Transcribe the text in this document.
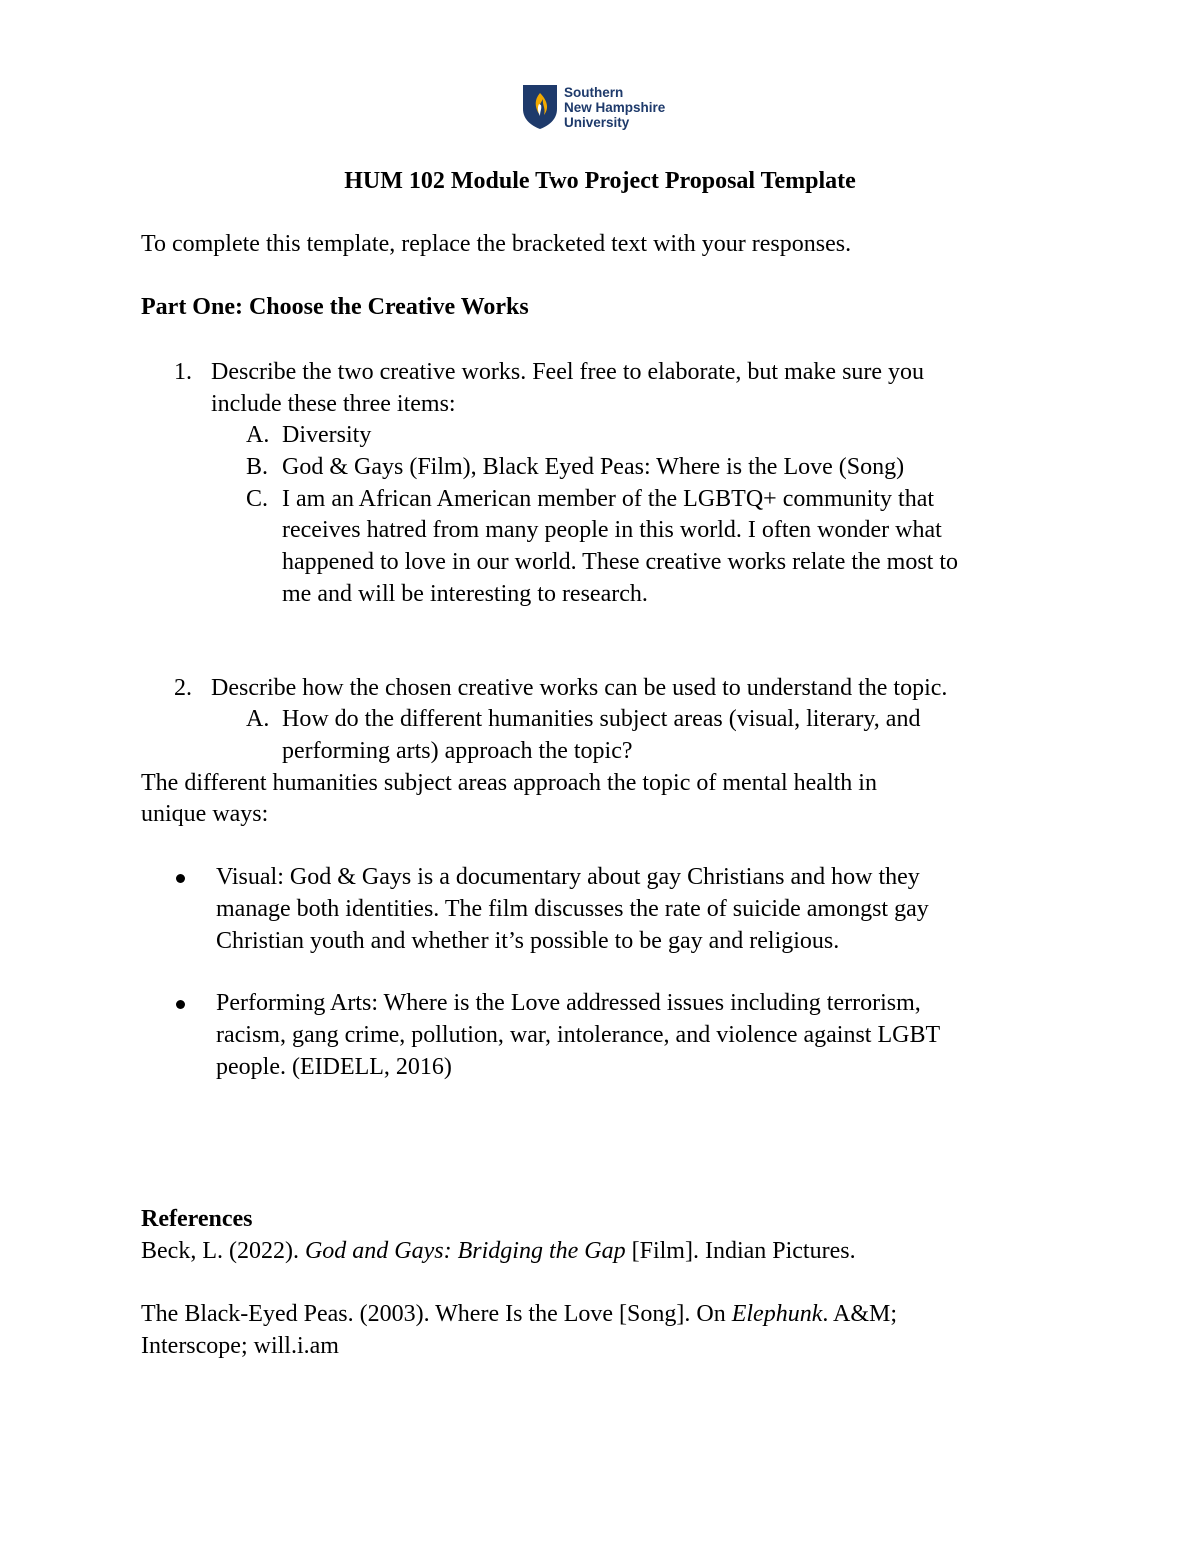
Southern
New Hampshire
University
HUM 102 Module Two Project Proposal Template
To complete this template, replace the bracketed text with your responses.
Part One: Choose the Creative Works
1. Describe the two creative works. Feel free to elaborate, but make sure you
include these three items:
A. Diversity
B. God & Gays (Film), Black Eyed Peas: Where is the Love (Song)
C. I am an African American member of the LGBTQ+ community that
receives hatred from many people in this world. I often wonder what
happened to love in our world. These creative works relate the most to
me and will be interesting to research.
2. Describe how the chosen creative works can be used to understand the topic.
A. How do the different humanities subject areas (visual, literary, and
performing arts) approach the topic?
The different humanities subject areas approach the topic of mental health in
unique ways:
Visual: God & Gays is a documentary about gay Christians and how they
manage both identities. The film discusses the rate of suicide amongst gay
Christian youth and whether it’s possible to be gay and religious.
Performing Arts: Where is the Love addressed issues including terrorism,
racism, gang crime, pollution, war, intolerance, and violence against LGBT
people. (EIDELL, 2016)
References
Beck, L. (2022). God and Gays: Bridging the Gap [Film]. Indian Pictures.
The Black-Eyed Peas. (2003). Where Is the Love [Song]. On Elephunk. A&M;
Interscope; will.i.am
